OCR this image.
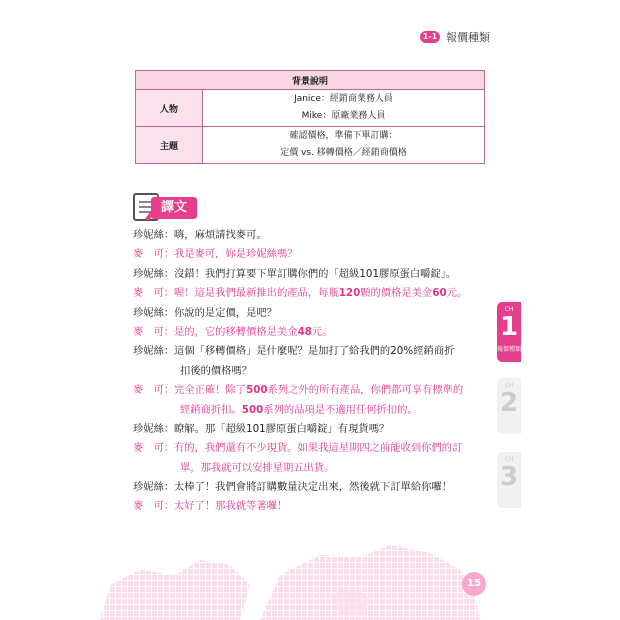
1-1 報價種類
背景說明	
人物	Janice：經銷商業務人員
Mike：原廠業務人員

主題	確認價格，準備下單訂購：
定價 vs. 移轉價格／經銷商價格
譯文
珍妮絲： 嗨，麻煩請找麥可。
麥　可： 我是麥可，妳是珍妮絲嗎？
珍妮絲： 沒錯！我們打算要下單訂購你們的「超級101膠原蛋白嚼錠」。
麥　可： 喔！這是我們最新推出的產品，每瓶120顆的價格是美金60元。
珍妮絲： 你說的是定價，是吧？
麥　可： 是的，它的移轉價格是美金48元。
珍妮絲： 這個「移轉價格」是什麼呢？是加打了給我們的20%經銷商折
扣後的價格嗎？
麥　可： 完全正確！除了500系列之外的所有產品，你們都可享有標準的
經銷商折扣。500系列的品項是不適用任何折扣的。
珍妮絲： 瞭解。那「超級101膠原蛋白嚼錠」有現貨嗎？
麥　可： 有的，我們還有不少現貨。如果我這星期四之前能收到你們的訂
單，那我就可以安排星期五出貨。
珍妮絲： 太棒了！我們會將訂購數量決定出來，然後就下訂單給你囉！
麥　可： 太好了！那我就等著囉！
CH
1
報價種類
CH
2
CH
3
15
